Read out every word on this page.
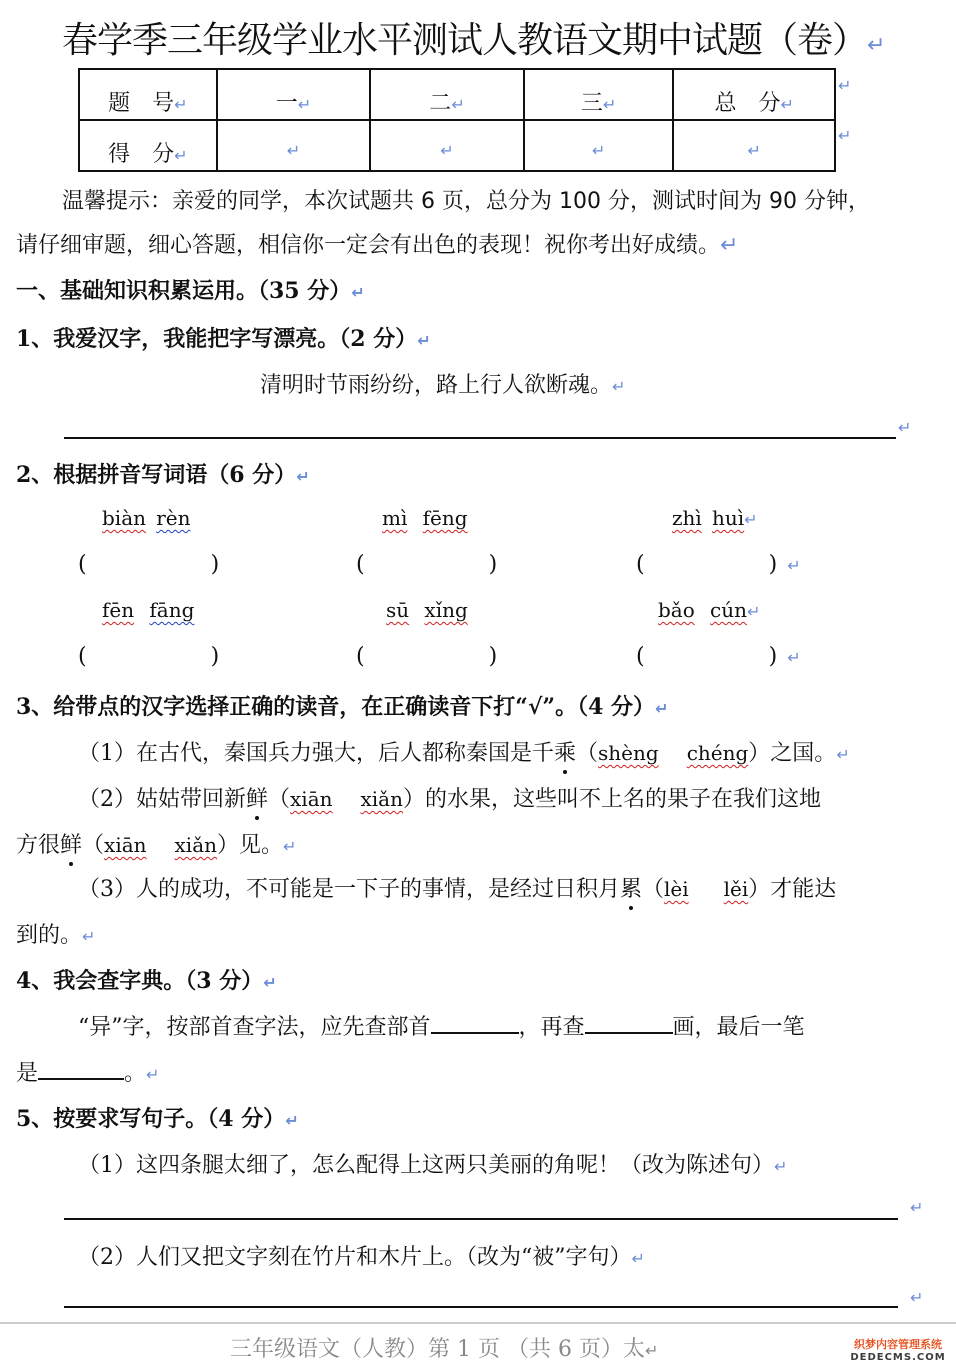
春学季三年级学业水平测试人教语文期中试题（卷）↵
题　号↵	一↵	二↵	三↵	总　分↵
得　分↵	↵	↵	↵	↵
↵
↵
温馨提示：亲爱的同学，本次试题共 6 页，总分为 100 分，测试时间为 90 分钟，
请仔细审题，细心答题，相信你一定会有出色的表现！祝你考出好成绩。↵
一、基础知识积累运用。（35 分）↵
1、我爱汉字，我能把字写漂亮。（2 分）↵
清明时节雨纷纷，路上行人欲断魂。↵
↵
2、根据拼音写词语（6 分）↵
biàn rèn	mì fēng	zhì huì↵
(	)	(	)	(	) ↵
fēn fāng	sū xǐng	bǎo cún↵
(	)	(	)	(	) ↵
3、给带点的汉字选择正确的读音，在正确读音下打“√”。（4 分）↵
（1）在古代，秦国兵力强大，后人都称秦国是千乘（shèng chéng）之国。↵
（2）姑姑带回新鲜（xiān xiǎn）的水果，这些叫不上名的果子在我们这地
方很鲜（xiān xiǎn）见。↵
（3）人的成功，不可能是一下子的事情，是经过日积月累（lèi lěi）才能达
到的。↵
4、我会查字典。（3 分）↵
“异”字，按部首查字法，应先查部首	，再查	画，最后一笔
是	。↵
5、按要求写句子。（4 分）↵
（1）这四条腿太细了，怎么配得上这两只美丽的角呢！（改为陈述句）↵
↵
（2）人们又把文字刻在竹片和木片上。（改为“被”字句）↵
↵
三年级语文（人教）第 1 页 （共 6 页）太↵	织梦内容管理系统
DEDECMS.COM
